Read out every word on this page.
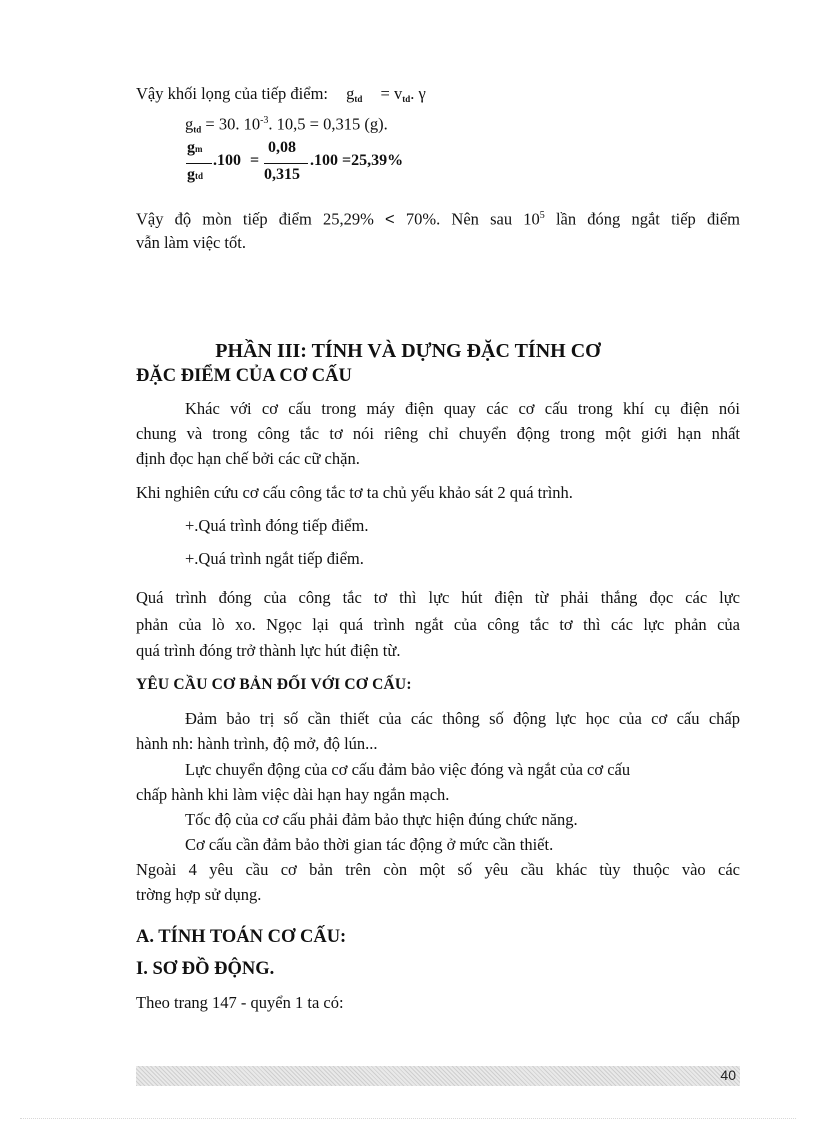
Vậy khối lọng của tiếp điểm: $g_{td} = v_{td}$. γ

$g_{td} = 30$. $10^{-3}$. 10,5 = 0,315 (g).

gm
gtd
.100 =
0,08
0,315
.100 =25,39%

Vậy độ mòn tiếp điểm 25,29% < 70%. Nên sau $10^5$ lần đóng ngắt tiếp điểm

vẫn làm việc tốt.

PHẦN III: TÍNH VÀ DỰNG ĐẶC TÍNH CƠ
ĐẶC ĐIỂM CỦA CƠ CẤU

Khác với cơ cấu trong máy điện quay các cơ cấu trong khí cụ điện nói

chung và trong công tắc tơ nói riêng chỉ chuyển động trong một giới hạn nhất

định đọc hạn chế bởi các cữ chặn.

Khi nghiên cứu cơ cấu công tắc tơ ta chủ yếu khảo sát 2 quá trình.

+.Quá trình đóng tiếp điểm.

+.Quá trình ngắt tiếp điểm.

Quá trình đóng của công tắc tơ thì lực hút điện từ phải thắng đọc các lực

phản của lò xo. Ngọc lại quá trình ngắt của công tắc tơ thì các lực phản của

quá trình đóng trở thành lực hút điện từ.

YÊU CẦU CƠ BẢN ĐỐI VỚI CƠ CẤU:

Đảm bảo trị số cần thiết của các thông số động lực học của cơ cấu chấp

hành nh: hành trình, độ mở, độ lún...

Lực chuyển động của cơ cấu đảm bảo việc đóng và ngắt của cơ cấu

chấp hành khi làm việc dài hạn hay ngắn mạch.

Tốc độ của cơ cấu phải đảm bảo thực hiện đúng chức năng.

Cơ cấu cần đảm bảo thời gian tác động ở mức cần thiết.

Ngoài 4 yêu cầu cơ bản trên còn một số yêu cầu khác tùy thuộc vào các

trờng hợp sử dụng.

A. TÍNH TOÁN CƠ CẤU:
I. SƠ ĐỒ ĐỘNG.

Theo trang 147 - quyển 1 ta có:

40
